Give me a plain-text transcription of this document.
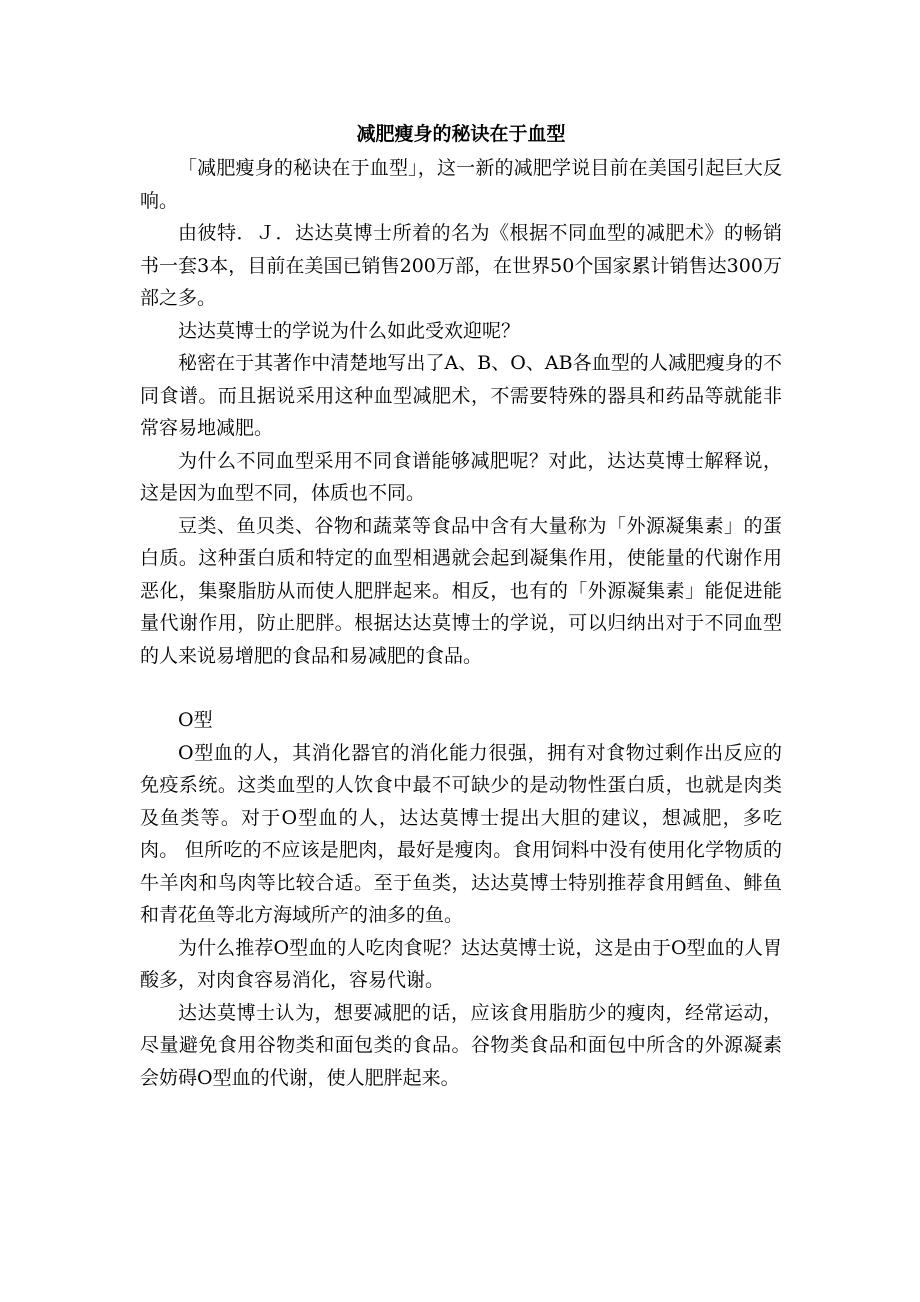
减肥瘦身的秘诀在于血型

「减肥瘦身的秘诀在于血型」，这一新的减肥学说目前在美国引起巨大反响。

由彼特．Ｊ．达达莫博士所着的名为《根据不同血型的减肥术》的畅销书一套3本，目前在美国已销售200万部，在世界50个国家累计销售达300万部之多。

达达莫博士的学说为什么如此受欢迎呢？

秘密在于其著作中清楚地写出了A、B、O、AB各血型的人减肥瘦身的不同食谱。而且据说采用这种血型减肥术，不需要特殊的器具和药品等就能非常容易地减肥。

为什么不同血型采用不同食谱能够减肥呢？对此，达达莫博士解释说，这是因为血型不同，体质也不同。

豆类、鱼贝类、谷物和蔬菜等食品中含有大量称为「外源凝集素」的蛋白质。这种蛋白质和特定的血型相遇就会起到凝集作用，使能量的代谢作用恶化，集聚脂肪从而使人肥胖起来。相反，也有的「外源凝集素」能促进能量代谢作用，防止肥胖。根据达达莫博士的学说，可以归纳出对于不同血型的人来说易增肥的食品和易减肥的食品。

O型

O型血的人，其消化器官的消化能力很强，拥有对食物过剩作出反应的免疫系统。这类血型的人饮食中最不可缺少的是动物性蛋白质，也就是肉类及鱼类等。对于O型血的人，达达莫博士提出大胆的建议，想减肥，多吃肉。 但所吃的不应该是肥肉，最好是瘦肉。食用饲料中没有使用化学物质的牛羊肉和鸟肉等比较合适。至于鱼类，达达莫博士特别推荐食用鳕鱼、鲱鱼和青花鱼等北方海域所产的油多的鱼。

为什么推荐O型血的人吃肉食呢？达达莫博士说，这是由于O型血的人胃酸多，对肉食容易消化，容易代谢。

达达莫博士认为，想要减肥的话，应该食用脂肪少的瘦肉，经常运动，尽量避免食用谷物类和面包类的食品。谷物类食品和面包中所含的外源凝素会妨碍O型血的代谢，使人肥胖起来。
